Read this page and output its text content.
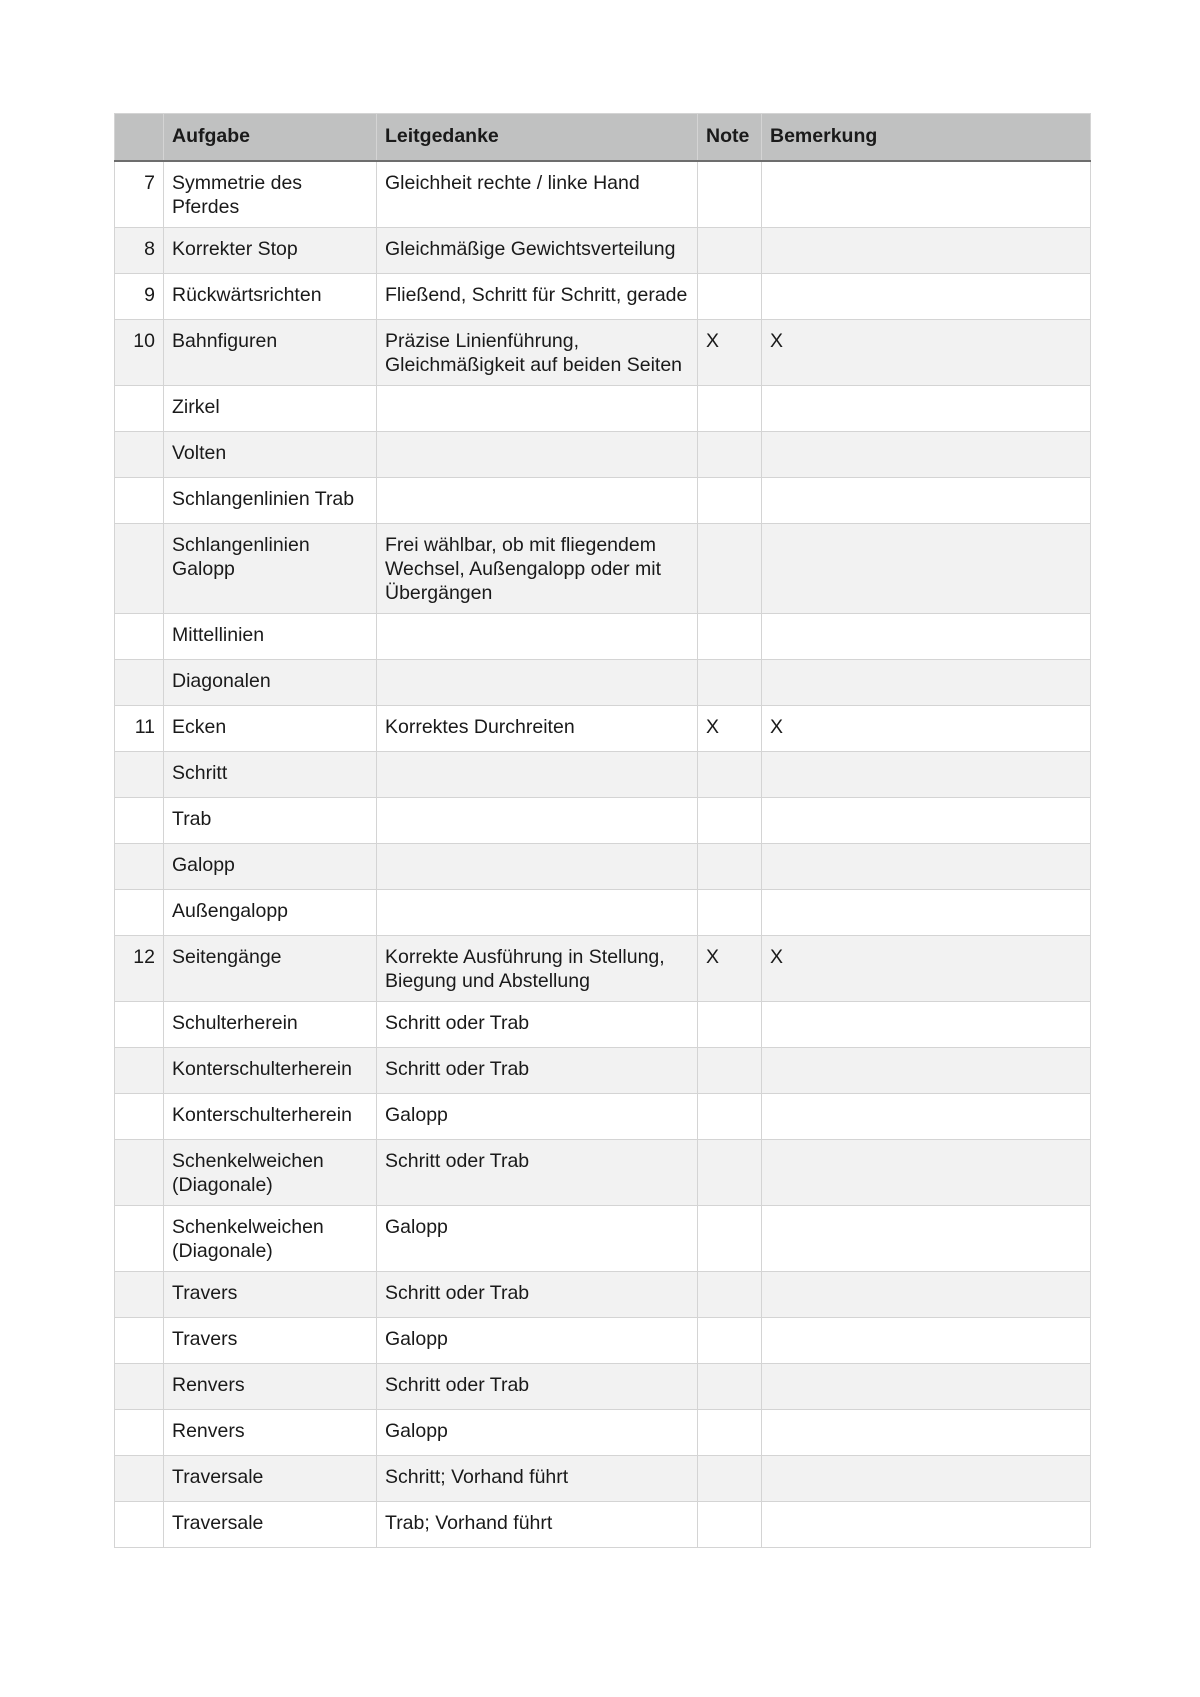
	Aufgabe	Leitgedanke	Note	Bemerkung
7	Symmetrie des Pferdes	Gleichheit rechte / linke Hand		
8	Korrekter Stop	Gleichmäßige Gewichtsverteilung		
9	Rückwärtsrichten	Fließend, Schritt für Schritt, gerade		
10	Bahnfiguren	Präzise Linienführung, Gleichmäßigkeit auf beiden Seiten	X	X
	Zirkel			
	Volten			
	Schlangenlinien Trab			
	Schlangenlinien Galopp	Frei wählbar, ob mit fliegendem Wechsel, Außengalopp oder mit Übergängen		
	Mittellinien			
	Diagonalen			
11	Ecken	Korrektes Durchreiten	X	X
	Schritt			
	Trab			
	Galopp			
	Außengalopp			
12	Seitengänge	Korrekte Ausführung in Stellung, Biegung und Abstellung	X	X
	Schulterherein	Schritt oder Trab		
	Konterschulterherein	Schritt oder Trab		
	Konterschulterherein	Galopp		
	Schenkelweichen (Diagonale)	Schritt oder Trab		
	Schenkelweichen (Diagonale)	Galopp		
	Travers	Schritt oder Trab		
	Travers	Galopp		
	Renvers	Schritt oder Trab		
	Renvers	Galopp		
	Traversale	Schritt; Vorhand führt		
	Traversale	Trab; Vorhand führt		
